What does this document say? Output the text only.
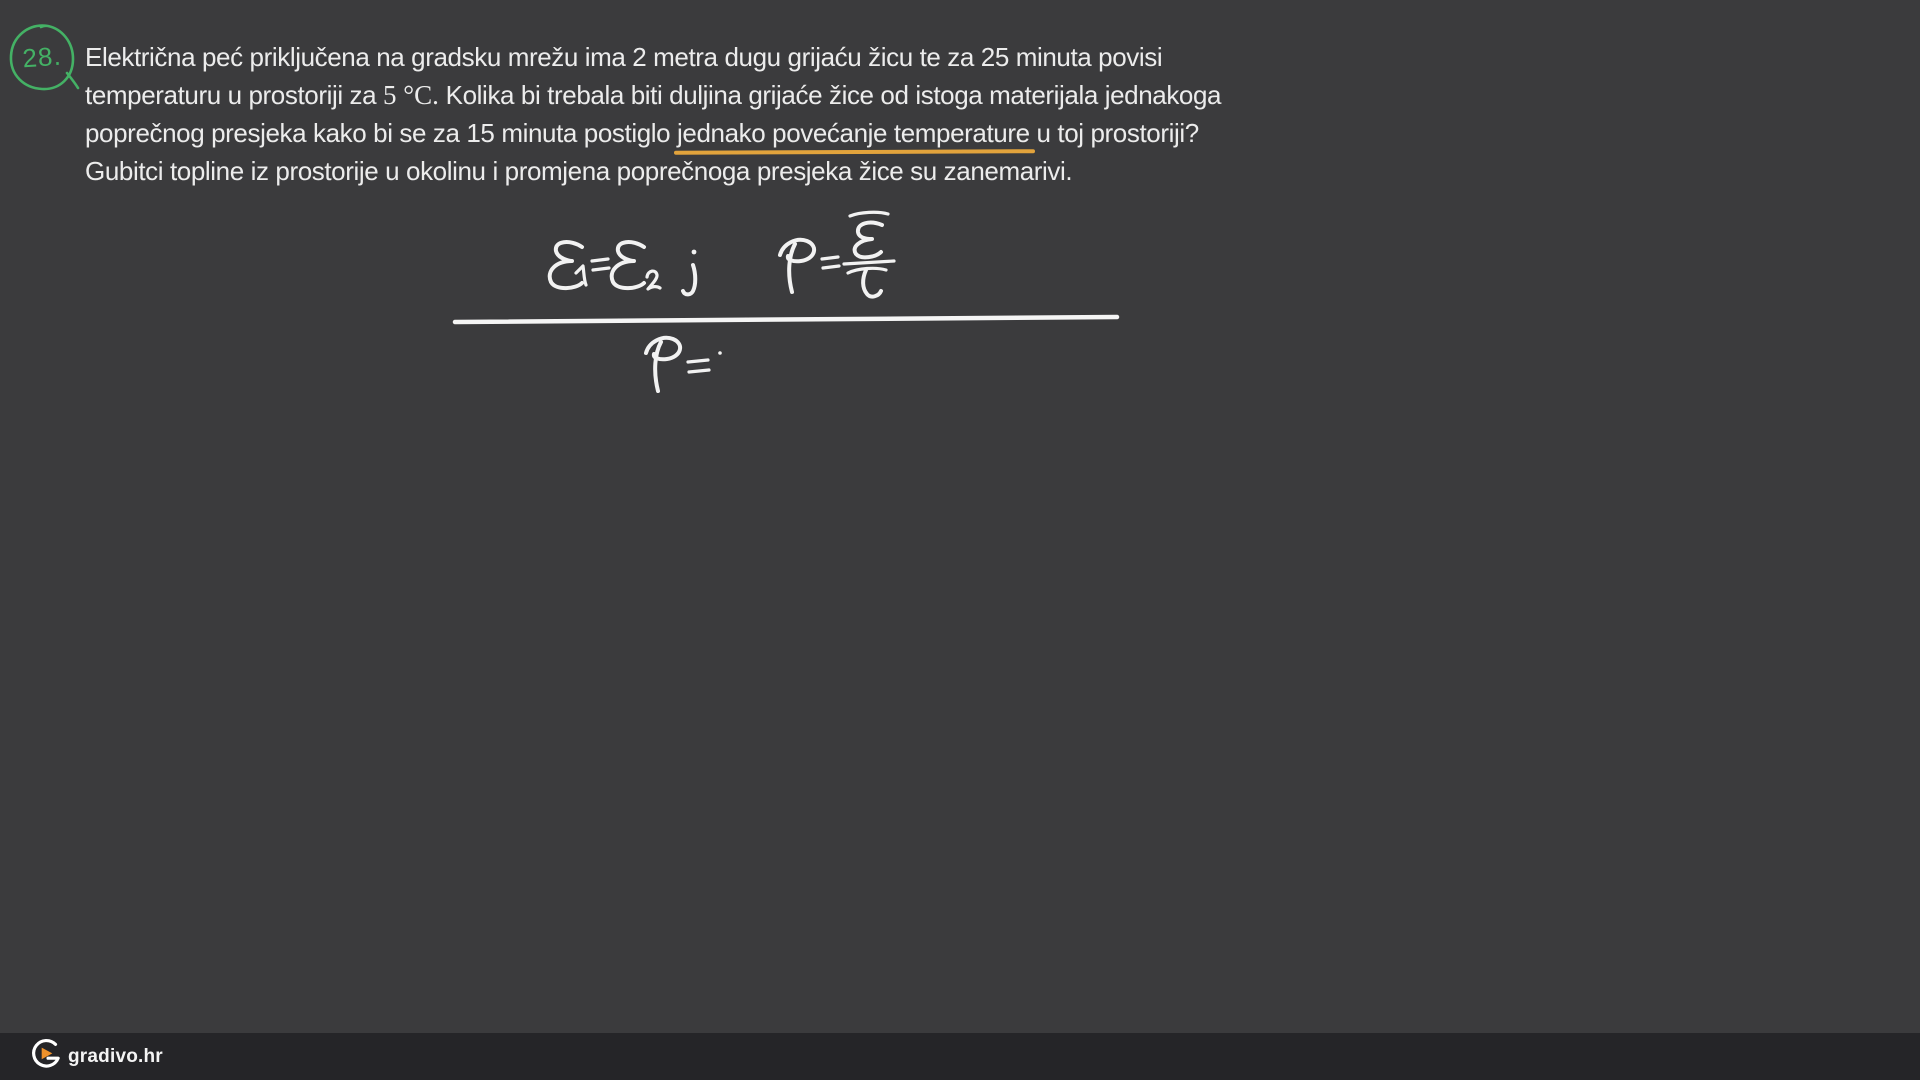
28. Električna peć priključena na gradsku mrežu ima 2 metra dugu grijaću žicu te za 25 minuta povisi
temperaturu u prostoriji za 5 °C. Kolika bi trebala biti duljina grijaće žice od istoga materijala jednakoga
poprečnog presjeka kako bi se za 15 minuta postiglo jednako povećanje temperature u toj prostoriji?
Gubitci topline iz prostorije u okolinu i promjena poprečnoga presjeka žice su zanemarivi.
gradivo.hr
